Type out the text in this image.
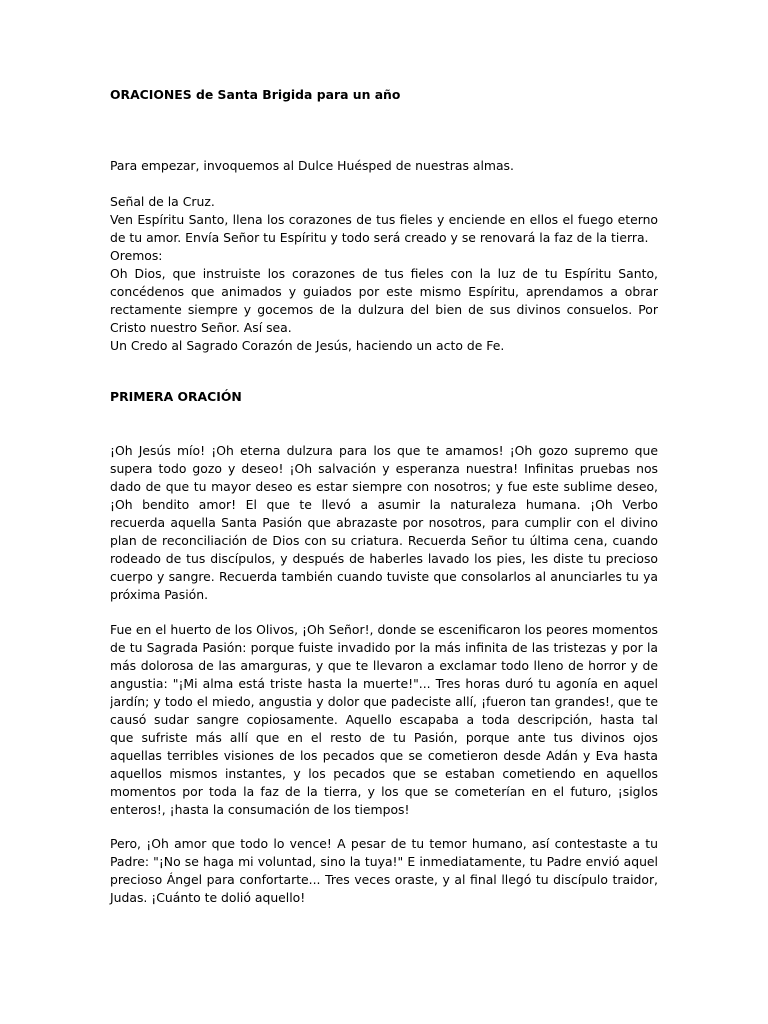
ORACIONES de Santa Brigida para un año
Para empezar, invoquemos al Dulce Huésped de nuestras almas.
Señal de la Cruz.
Ven Espíritu Santo, llena los corazones de tus fieles y enciende en ellos el fuego eterno
de tu amor. Envía Señor tu Espíritu y todo será creado y se renovará la faz de la tierra.
Oremos:
Oh Dios, que instruiste los corazones de tus fieles con la luz de tu Espíritu Santo,
concédenos que animados y guiados por este mismo Espíritu, aprendamos a obrar
rectamente siempre y gocemos de la dulzura del bien de sus divinos consuelos. Por
Cristo nuestro Señor. Así sea.
Un Credo al Sagrado Corazón de Jesús, haciendo un acto de Fe.
PRIMERA ORACIÓN
¡Oh Jesús mío! ¡Oh eterna dulzura para los que te amamos! ¡Oh gozo supremo que
supera todo gozo y deseo! ¡Oh salvación y esperanza nuestra! Infinitas pruebas nos
dado de que tu mayor deseo es estar siempre con nosotros; y fue este sublime deseo,
¡Oh bendito amor! El que te llevó a asumir la naturaleza humana. ¡Oh Verbo
recuerda aquella Santa Pasión que abrazaste por nosotros, para cumplir con el divino
plan de reconciliación de Dios con su criatura. Recuerda Señor tu última cena, cuando
rodeado de tus discípulos, y después de haberles lavado los pies, les diste tu precioso
cuerpo y sangre. Recuerda también cuando tuviste que consolarlos al anunciarles tu ya
próxima Pasión.
Fue en el huerto de los Olivos, ¡Oh Señor!, donde se escenificaron los peores momentos
de tu Sagrada Pasión: porque fuiste invadido por la más infinita de las tristezas y por la
más dolorosa de las amarguras, y que te llevaron a exclamar todo lleno de horror y de
angustia: "¡Mi alma está triste hasta la muerte!"... Tres horas duró tu agonía en aquel
jardín; y todo el miedo, angustia y dolor que padeciste allí, ¡fueron tan grandes!, que te
causó sudar sangre copiosamente. Aquello escapaba a toda descripción, hasta tal
que sufriste más allí que en el resto de tu Pasión, porque ante tus divinos ojos
aquellas terribles visiones de los pecados que se cometieron desde Adán y Eva hasta
aquellos mismos instantes, y los pecados que se estaban cometiendo en aquellos
momentos por toda la faz de la tierra, y los que se cometerían en el futuro, ¡siglos
enteros!, ¡hasta la consumación de los tiempos!
Pero, ¡Oh amor que todo lo vence! A pesar de tu temor humano, así contestaste a tu
Padre: "¡No se haga mi voluntad, sino la tuya!" E inmediatamente, tu Padre envió aquel
precioso Ángel para confortarte... Tres veces oraste, y al final llegó tu discípulo traidor,
Judas. ¡Cuánto te dolió aquello!
